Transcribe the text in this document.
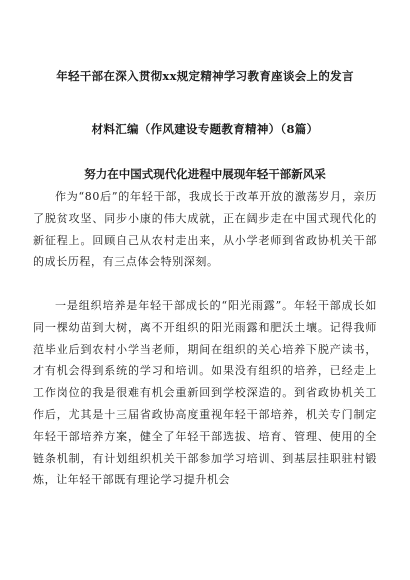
年轻干部在深入贯彻xx规定精神学习教育座谈会上的发言
材料汇编（作风建设专题教育精神）（8篇）
努力在中国式现代化进程中展现年轻干部新风采

作为“80后”的年轻干部，我成长于改革开放的激荡岁月，亲历了脱贫攻坚、同步小康的伟大成就，正在阔步走在中国式现代化的新征程上。回顾自己从农村走出来，从小学老师到省政协机关干部的成长历程，有三点体会特别深刻。

一是组织培养是年轻干部成长的“阳光雨露”。年轻干部成长如同一棵幼苗到大树，离不开组织的阳光雨露和肥沃土壤。记得我师范毕业后到农村小学当老师，期间在组织的关心培养下脱产读书，才有机会得到系统的学习和培训。如果没有组织的培养，已经走上工作岗位的我是很难有机会重新回到学校深造的。到省政协机关工作后，尤其是十三届省政协高度重视年轻干部培养，机关专门制定年轻干部培养方案，健全了年轻干部选拔、培育、管理、使用的全链条机制，有计划组织机关干部参加学习培训、到基层挂职驻村锻炼，让年轻干部既有理论学习提升机会
